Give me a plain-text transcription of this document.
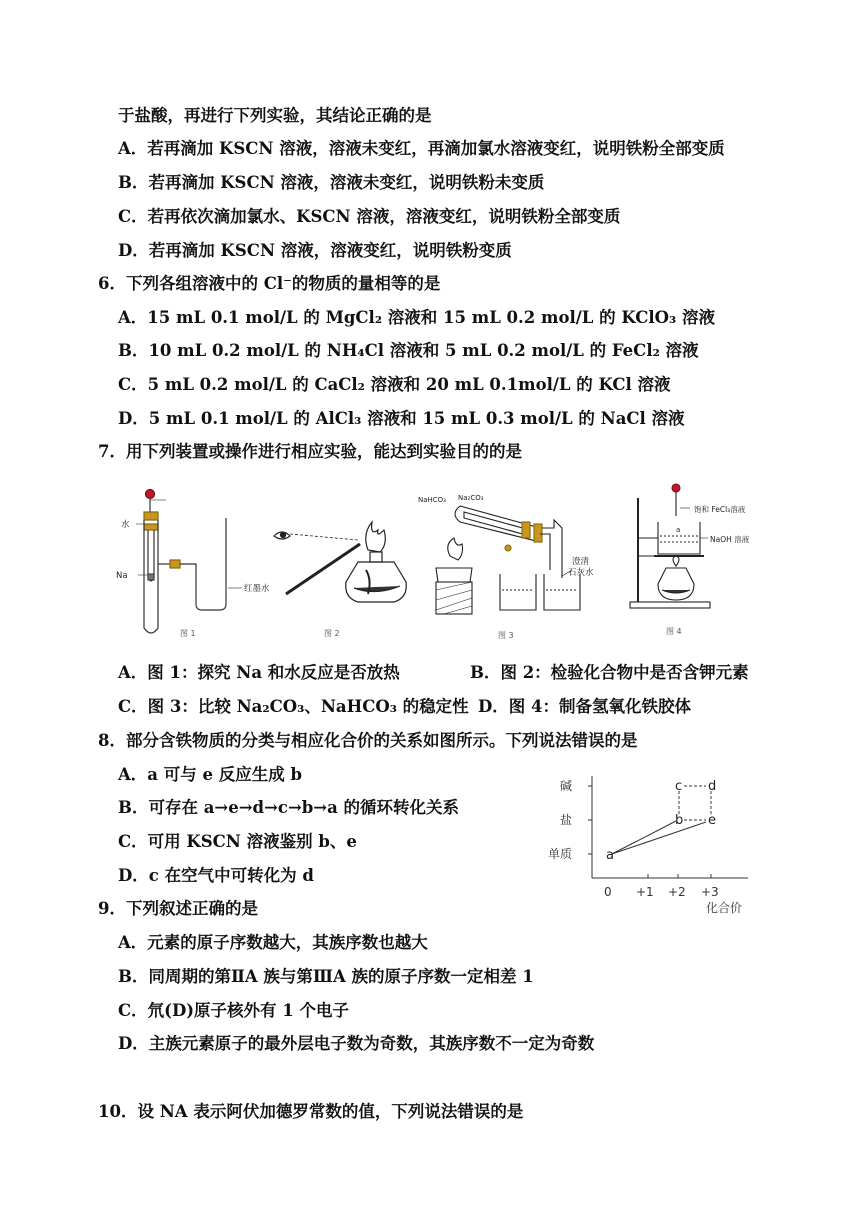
于盐酸，再进行下列实验，其结论正确的是
A．若再滴加 KSCN 溶液，溶液未变红，再滴加氯水溶液变红，说明铁粉全部变质
B．若再滴加 KSCN 溶液，溶液未变红，说明铁粉未变质
C．若再依次滴加氯水、KSCN 溶液，溶液变红，说明铁粉全部变质
D．若再滴加 KSCN 溶液，溶液变红，说明铁粉变质
6．下列各组溶液中的 Cl⁻的物质的量相等的是
A．15 mL 0.1 mol/L 的 MgCl₂ 溶液和 15 mL 0.2 mol/L 的 KClO₃ 溶液
B．10 mL 0.2 mol/L 的 NH₄Cl 溶液和 5 mL 0.2 mol/L 的 FeCl₂ 溶液
C．5 mL 0.2 mol/L 的 CaCl₂ 溶液和 20 mL 0.1mol/L 的 KCl 溶液
D．5 mL 0.1 mol/L 的 AlCl₃ 溶液和 15 mL 0.3 mol/L 的 NaCl 溶液
7．用下列装置或操作进行相应实验，能达到实验目的的是
水
Na
红墨水
图 1	图 2
NaHCO₃ Na₂CO₃
澄清
石灰水
图 3
饱和 FeCl₃溶液
a
NaOH 溶液
图 4
A．图 1：探究 Na 和水反应是否放热	B．图 2：检验化合物中是否含钾元素
C．图 3：比较 Na₂CO₃、NaHCO₃ 的稳定性 D．图 4：制备氢氧化铁胶体
8．部分含铁物质的分类与相应化合价的关系如图所示。下列说法错误的是
A．a 可与 e 反应生成 b
B．可存在 a→e→d→c→b→a 的循环转化关系
C．可用 KSCN 溶液鉴别 b、e
D．c 在空气中可转化为 d
碱
盐
单质
0 +1 +2 +3
化合价
a
b e
c d
9．下列叙述正确的是
A．元素的原子序数越大，其族序数也越大
B．同周期的第ⅡA 族与第ⅢA 族的原子序数一定相差 1
C．氘(D)原子核外有 1 个电子
D．主族元素原子的最外层电子数为奇数，其族序数不一定为奇数
10．设 NA 表示阿伏加德罗常数的值，下列说法错误的是
